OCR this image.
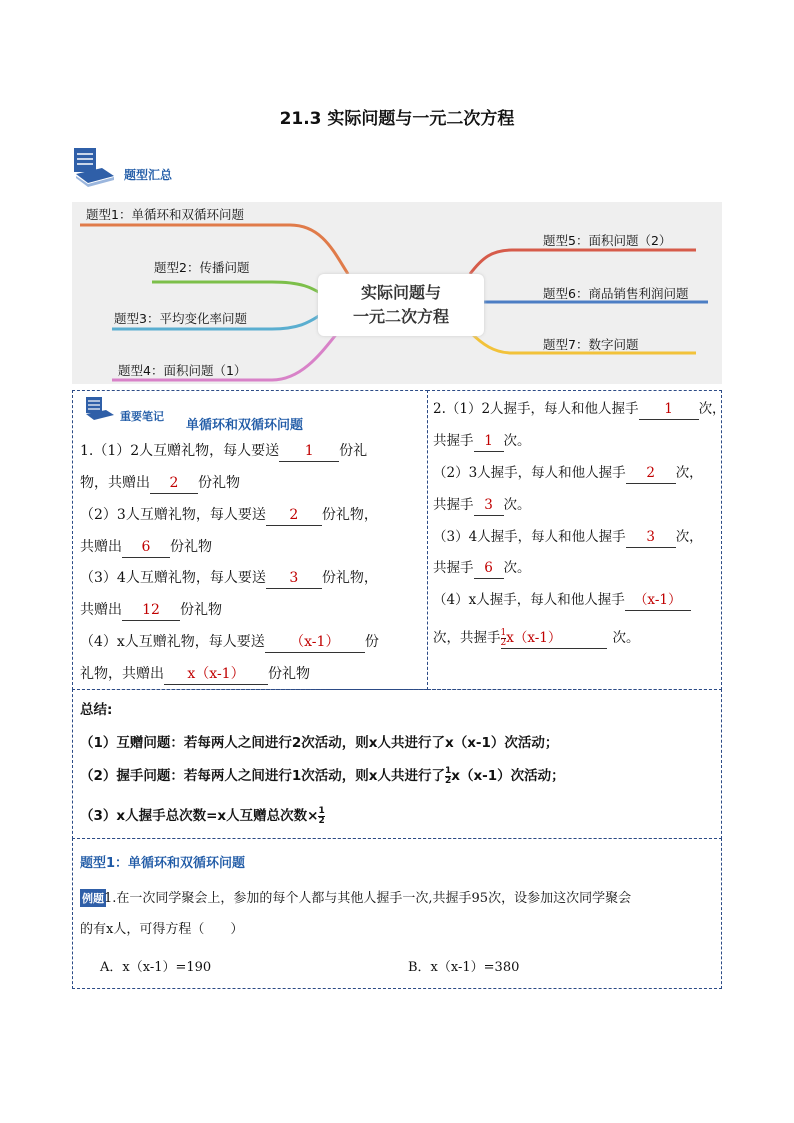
21.3 实际问题与一元二次方程
题型汇总
题型1：单循环和双循环问题
题型2：传播问题
题型3：平均变化率问题
题型4：面积问题（1）
题型5：面积问题（2）
题型6：商品销售利润问题
题型7：数字问题
实际问题与
一元二次方程
重要笔记
单循环和双循环问题
1.（1）2人互赠礼物，每人要送 1 份礼
物，共赠出 2 份礼物
（2）3人互赠礼物，每人要送 2 份礼物，
共赠出 6 份礼物
（3）4人互赠礼物，每人要送 3 份礼物，
共赠出 12 份礼物
（4）x人互赠礼物，每人要送 （x-1） 份
礼物，共赠出 x（x-1） 份礼物
2.（1）2人握手，每人和他人握手 1 次，
共握手 1 次。
（2）3人握手，每人和他人握手 2 次，
共握手 3 次。
（3）4人握手，每人和他人握手 3 次，
共握手 6 次。
（4）x人握手，每人和他人握手 （x-1）
次，共握手 $\frac{1}{2} x(x-1)$	次。
总结:
（1）互赠问题：若每两人之间进行2次活动，则x人共进行了x（x-1）次活动；
（2）握手问题：若每两人之间进行1次活动，则x人共进行了 $\frac{1}{2} x(x-1)$次活动；
（3）x人握手总次数=x人互赠总次数× $\frac{1}{2}$
题型1：单循环和双循环问题
例题 1.在一次同学聚会上，参加的每个人都与其他人握手一次,共握手95次，设参加这次同学聚会
的有x人，可得方程（　　）
A．x（x-1）=190	B．x（x-1）=380
